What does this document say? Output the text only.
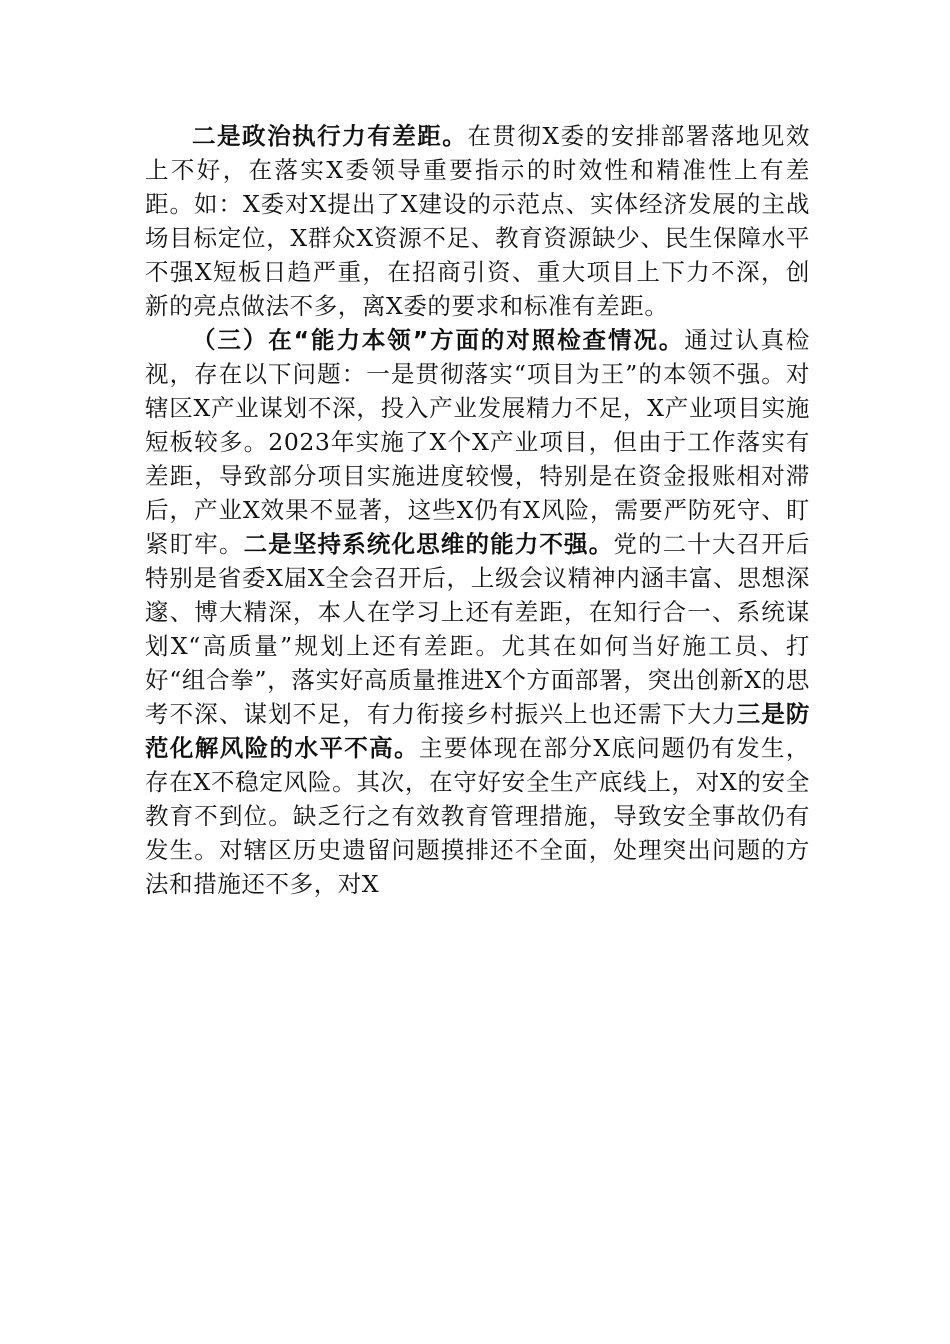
二是政治执行力有差距。在贯彻X委的安排部署落地见效上不好，在落实X委领导重要指示的时效性和精准性上有差距。如：X委对X提出了X建设的示范点、实体经济发展的主战场目标定位，X群众X资源不足、教育资源缺少、民生保障水平不强X短板日趋严重，在招商引资、重大项目上下力不深，创新的亮点做法不多，离X委的要求和标准有差距。

（三）在“能力本领”方面的对照检查情况。通过认真检视，存在以下问题：一是贯彻落实“项目为王”的本领不强。对辖区X产业谋划不深，投入产业发展精力不足，X产业项目实施短板较多。2023年实施了X个X产业项目，但由于工作落实有差距，导致部分项目实施进度较慢，特别是在资金报账相对滞后，产业X效果不显著，这些X仍有X风险，需要严防死守、盯紧盯牢。二是坚持系统化思维的能力不强。党的二十大召开后特别是省委X届X全会召开后，上级会议精神内涵丰富、思想深邃、博大精深，本人在学习上还有差距，在知行合一、系统谋划X“高质量”规划上还有差距。尤其在如何当好施工员、打好“组合拳”，落实好高质量推进X个方面部署，突出创新X的思考不深、谋划不足，有力衔接乡村振兴上也还需下大力三是防范化解风险的水平不高。主要体现在部分X底问题仍有发生，存在X不稳定风险。其次，在守好安全生产底线上，对X的安全教育不到位。缺乏行之有效教育管理措施，导致安全事故仍有发生。对辖区历史遗留问题摸排还不全面，处理突出问题的方法和措施还不多，对X
